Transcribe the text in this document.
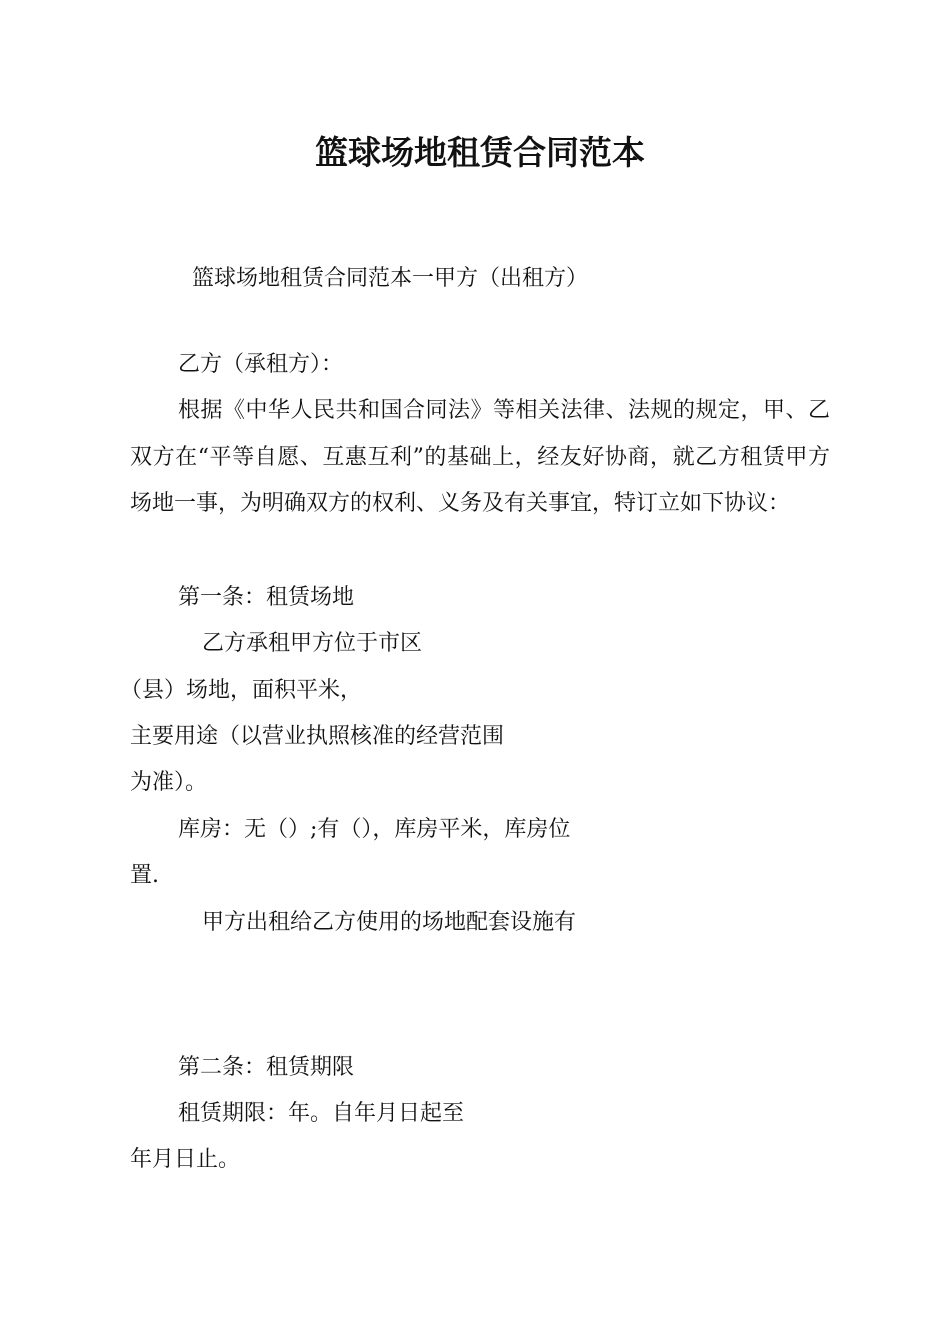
篮球场地租赁合同范本
篮球场地租赁合同范本一甲方（出租方）
乙方（承租方）：
根据《中华人民共和国合同法》等相关法律、法规的规定，甲、乙双方在“平等自愿、互惠互利”的基础上，经友好协商，就乙方租赁甲方场地一事，为明确双方的权利、义务及有关事宜，特订立如下协议：
第一条：租赁场地
乙方承租甲方位于市区
（县）场地，面积平米，
主要用途（以营业执照核准的经营范围
为准）。
库房：无（）;有（），库房平米，库房位
置.
甲方出租给乙方使用的场地配套设施有
第二条：租赁期限
租赁期限：年。自年月日起至
年月日止。
